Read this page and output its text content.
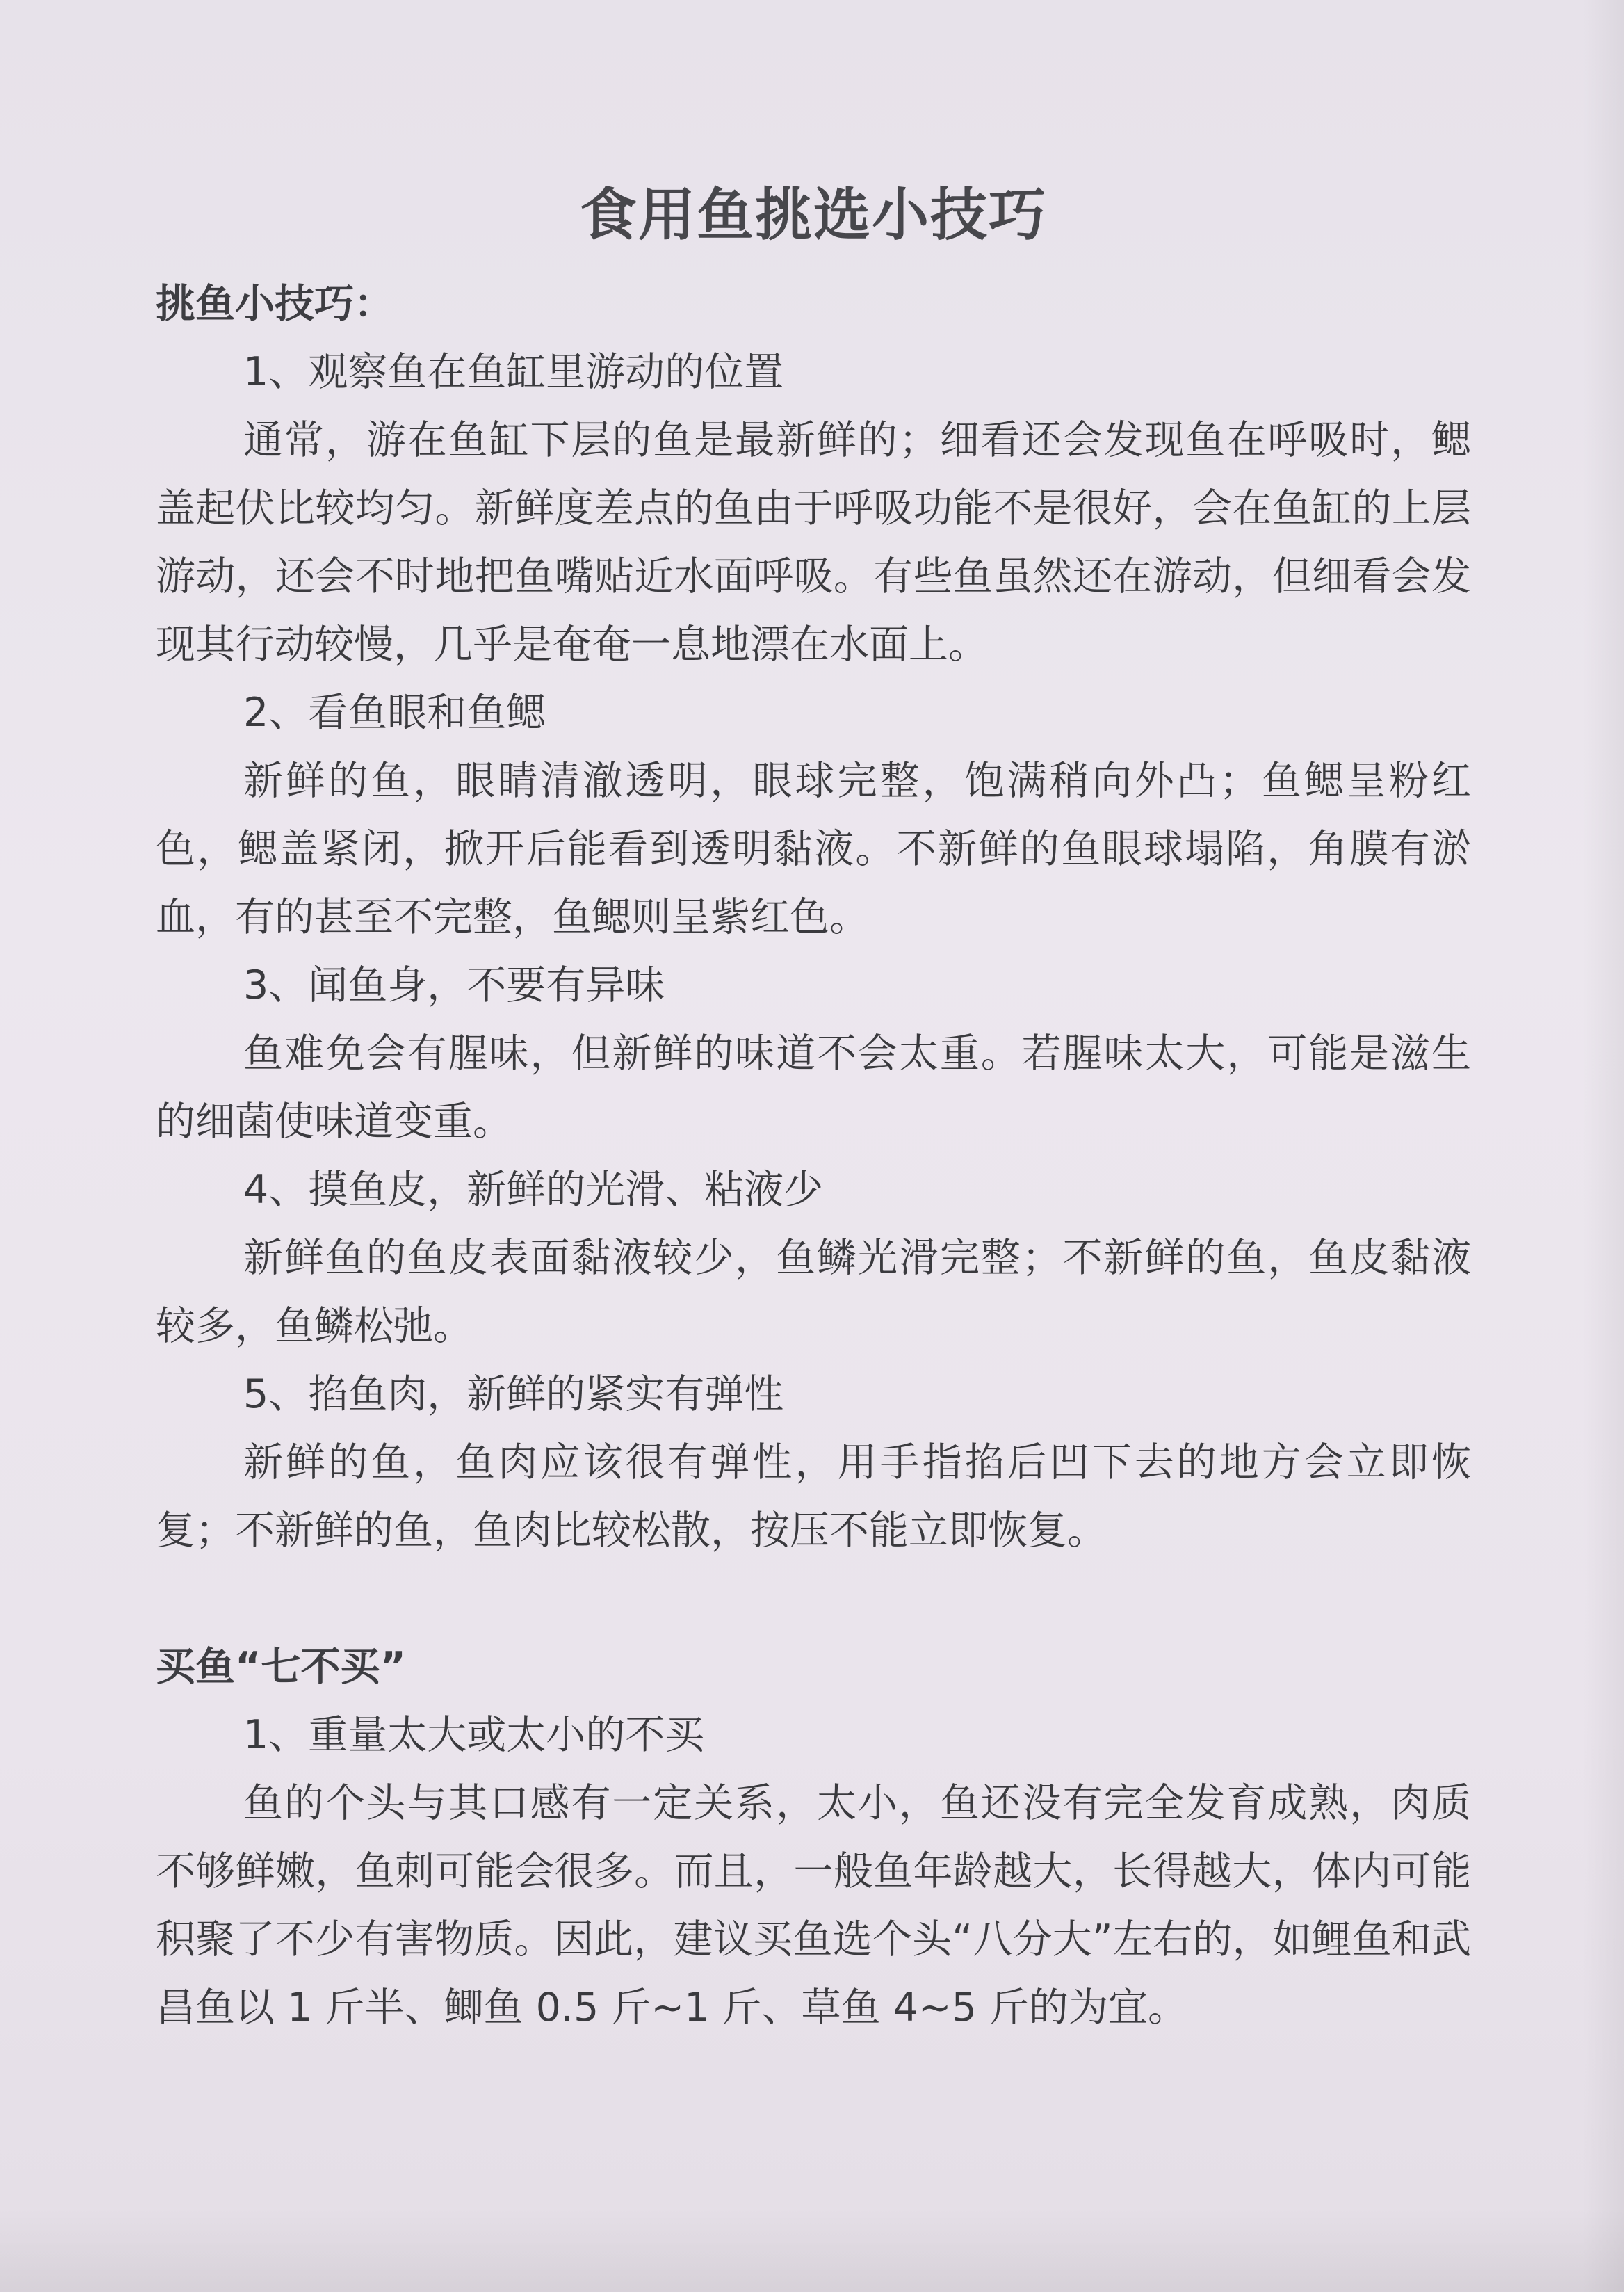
食用鱼挑选小技巧
挑鱼小技巧：
1、观察鱼在鱼缸里游动的位置
通常，游在鱼缸下层的鱼是最新鲜的；细看还会发现鱼在呼吸时，鳃盖起伏比较均匀。新鲜度差点的鱼由于呼吸功能不是很好，会在鱼缸的上层游动，还会不时地把鱼嘴贴近水面呼吸。有些鱼虽然还在游动，但细看会发现其行动较慢，几乎是奄奄一息地漂在水面上。
2、看鱼眼和鱼鳃
新鲜的鱼，眼睛清澈透明，眼球完整，饱满稍向外凸；鱼鳃呈粉红色，鳃盖紧闭，掀开后能看到透明黏液。不新鲜的鱼眼球塌陷，角膜有淤血，有的甚至不完整，鱼鳃则呈紫红色。
3、闻鱼身，不要有异味
鱼难免会有腥味，但新鲜的味道不会太重。若腥味太大，可能是滋生的细菌使味道变重。
4、摸鱼皮，新鲜的光滑、粘液少
新鲜鱼的鱼皮表面黏液较少，鱼鳞光滑完整；不新鲜的鱼，鱼皮黏液较多，鱼鳞松弛。
5、掐鱼肉，新鲜的紧实有弹性
新鲜的鱼，鱼肉应该很有弹性，用手指掐后凹下去的地方会立即恢复；不新鲜的鱼，鱼肉比较松散，按压不能立即恢复。
买鱼“七不买”
1、重量太大或太小的不买
鱼的个头与其口感有一定关系，太小，鱼还没有完全发育成熟，肉质不够鲜嫩，鱼刺可能会很多。而且，一般鱼年龄越大，长得越大，体内可能积聚了不少有害物质。因此，建议买鱼选个头“八分大”左右的，如鲤鱼和武昌鱼以 1 斤半、鲫鱼 0.5 斤~1 斤、草鱼 4~5 斤的为宜。
